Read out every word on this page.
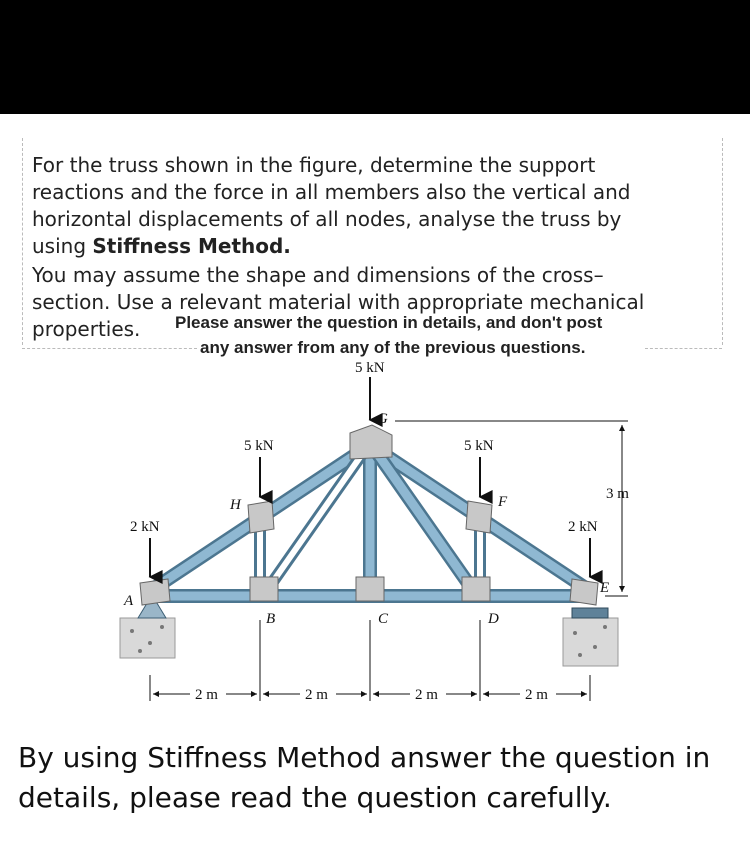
For the truss shown in the figure, determine the support

reactions and the force in all members also the vertical and

horizontal displacements of all nodes, analyse the truss by

using Stiffness Method.

You may assume the shape and dimensions of the cross–

section. Use a relevant material with appropriate mechanical

properties.	Please answer the question in details, and don't post
any answer from any of the previous questions.
5 kN
5 kN	5 kN
2 kN	2 kN
A
B	C	D
E
F
G
H
3 m
2 m	2 m	2 m	2 m

By using Stiffness Method answer the question in details, please read the question carefully.
